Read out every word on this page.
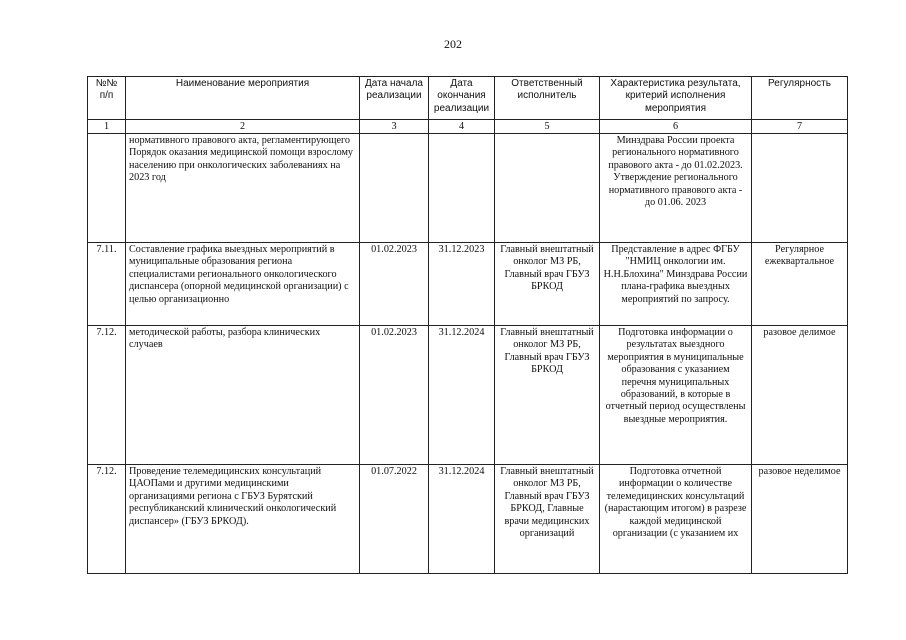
202
№№ п/п	Наименование мероприятия	Дата начала реализации	Дата окончания реализации	Ответственный исполнитель	Характеристика результата, критерий исполнения мероприятия	Регулярность
1	2	3	4	5	6	7
	нормативного правового акта, регламентирующего Порядок оказания медицинской помощи взрослому населению при онкологических заболеваниях на 2023 год				Минздрава России проекта регионального нормативного правового акта - до 01.02.2023. Утверждение регионального нормативного правового акта - до 01.06. 2023	
7.11.	Составление графика выездных мероприятий в муниципальные образования региона специалистами регионального онкологического диспансера (опорной медицинской организации) с целью организационно	01.02.2023	31.12.2023	Главный внештатный онколог МЗ РБ, Главный врач ГБУЗ БРКОД	Представление в адрес ФГБУ "НМИЦ онкологии им. Н.Н.Блохина" Минздрава России плана-графика выездных мероприятий по запросу.	Регулярное ежеквартальное
7.12.	методической работы, разбора клинических случаев	01.02.2023	31.12.2024	Главный внештатный онколог МЗ РБ, Главный врач ГБУЗ БРКОД	Подготовка информации о результатах выездного мероприятия в муниципальные образования с указанием перечня муниципальных образований, в которые в отчетный период осуществлены выездные мероприятия.	разовое делимое
7.12.	Проведение телемедицинских консультаций ЦАОПами и другими медицинскими организациями региона с ГБУЗ Бурятский республиканский клинический онкологический диспансер» (ГБУЗ БРКОД).	01.07.2022	31.12.2024	Главный внештатный онколог МЗ РБ, Главный врач ГБУЗ БРКОД, Главные врачи медицинских организаций	Подготовка отчетной информации о количестве телемедицинских консультаций (нарастающим итогом) в разрезе каждой медицинской организации (с указанием их	разовое неделимое
